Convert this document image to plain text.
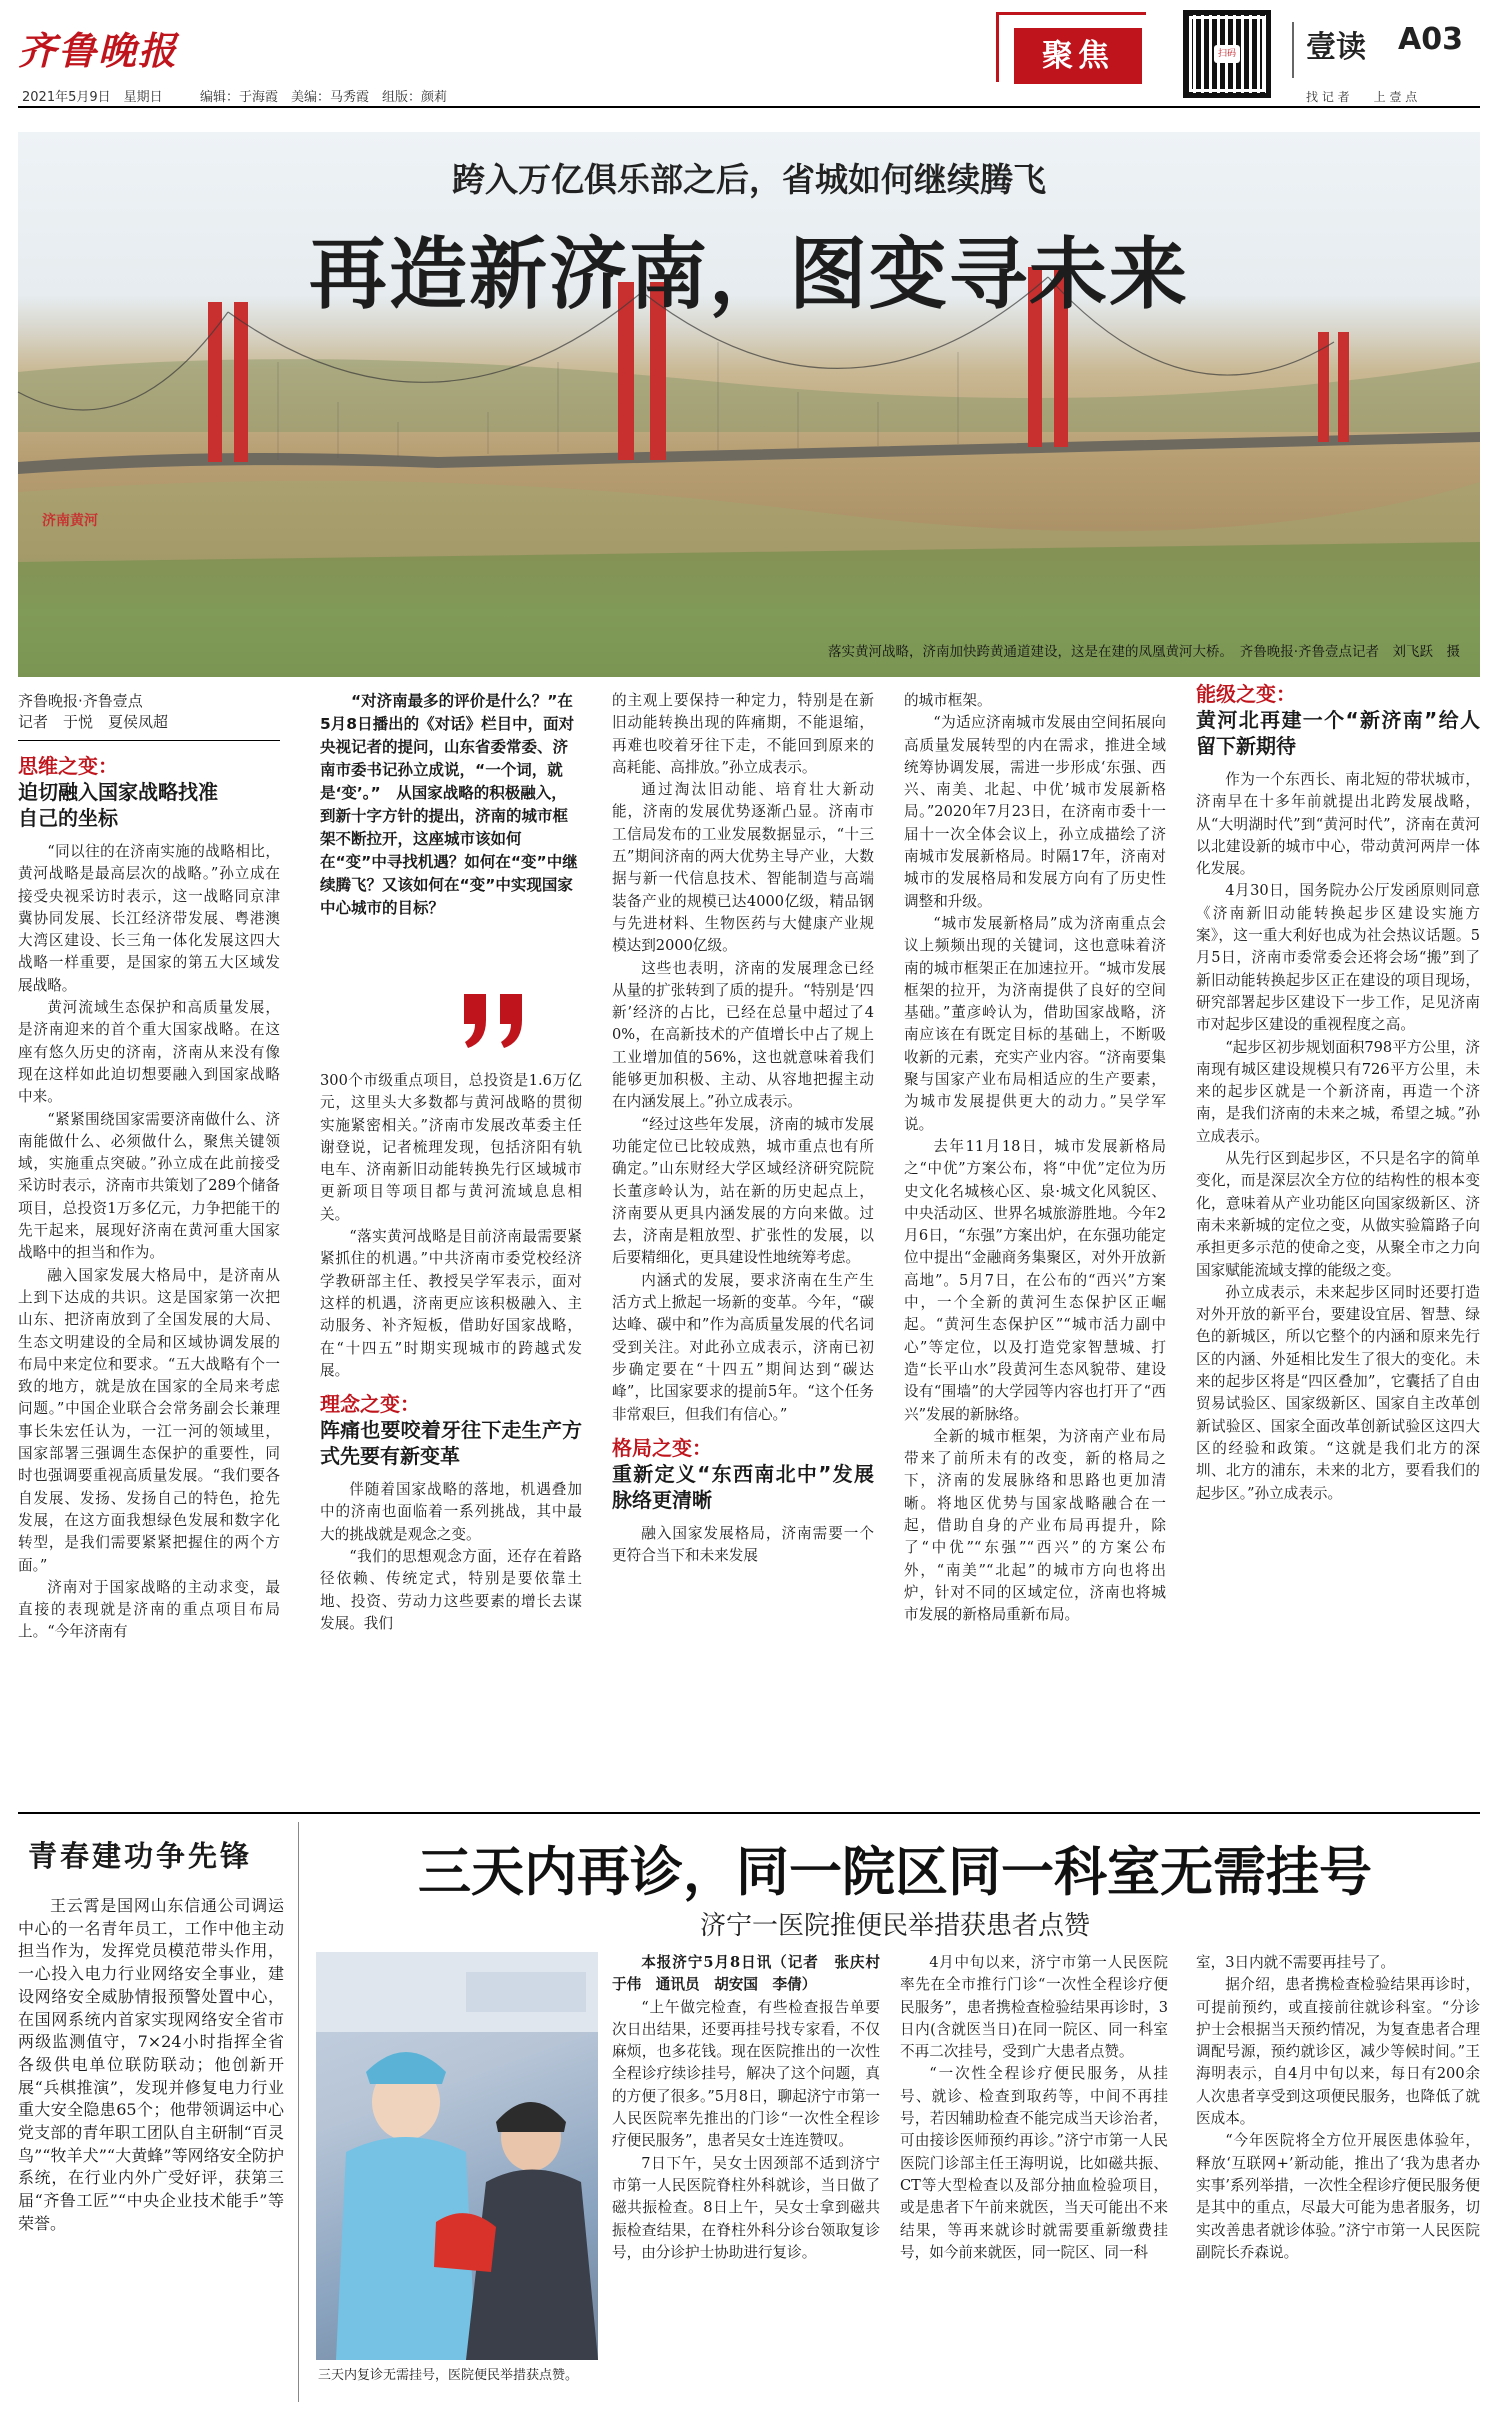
齐鲁晚报
2021年5月9日　星期日	编辑：于海霞　美编：马秀霞　组版：颜莉
聚焦	扫码 壹读 A03
找 记 者　　上 壹 点
跨入万亿俱乐部之后，省城如何继续腾飞
再造新济南，图变寻未来
济南黄河
落实黄河战略，济南加快跨黄通道建设，这是在建的凤凰黄河大桥。　齐鲁晚报·齐鲁壹点记者　刘飞跃　摄
齐鲁晚报·齐鲁壹点
记者　于悦　夏侯凤超
思维之变：
迫切融入国家战略找准自己的坐标

“同以往的在济南实施的战略相比，黄河战略是最高层次的战略。”孙立成在接受央视采访时表示，这一战略同京津冀协同发展、长江经济带发展、粤港澳大湾区建设、长三角一体化发展这四大战略一样重要，是国家的第五大区域发展战略。

黄河流域生态保护和高质量发展，是济南迎来的首个重大国家战略。在这座有悠久历史的济南，济南从来没有像现在这样如此迫切想要融入到国家战略中来。

“紧紧围绕国家需要济南做什么、济南能做什么、必须做什么，聚焦关键领域，实施重点突破。”孙立成在此前接受采访时表示，济南市共策划了289个储备项目，总投资1万多亿元，力争把能干的先干起来，展现好济南在黄河重大国家战略中的担当和作为。

融入国家发展大格局中，是济南从上到下达成的共识。这是国家第一次把山东、把济南放到了全国发展的大局、生态文明建设的全局和区域协调发展的布局中来定位和要求。“五大战略有个一致的地方，就是放在国家的全局来考虑问题。”中国企业联合会常务副会长兼理事长朱宏任认为，一江一河的领域里，国家部署三强调生态保护的重要性，同时也强调要重视高质量发展。“我们要各自发展、发扬、发扬自己的特色，抢先发展，在这方面我想绿色发展和数字化转型，是我们需要紧紧把握住的两个方面。”

济南对于国家战略的主动求变，最直接的表现就是济南的重点项目布局上。“今年济南有

“对济南最多的评价是什么？”在5月8日播出的《对话》栏目中，面对央视记者的提问，山东省委常委、济南市委书记孙立成说，“一个词，就是‘变’。”　从国家战略的积极融入，到新十字方针的提出，济南的城市框架不断拉开，这座城市该如何在“变”中寻找机遇？如何在“变”中继续腾飞？又该如何在“变”中实现国家中心城市的目标？

300个市级重点项目，总投资是1.6万亿元，这里头大多数都与黄河战略的贯彻实施紧密相关。”济南市发展改革委主任谢登说，记者梳理发现，包括济阳有轨电车、济南新旧动能转换先行区域城市更新项目等项目都与黄河流域息息相关。

“落实黄河战略是目前济南最需要紧紧抓住的机遇。”中共济南市委党校经济学教研部主任、教授吴学军表示，面对这样的机遇，济南更应该积极融入、主动服务、补齐短板，借助好国家战略，在“十四五”时期实现城市的跨越式发展。

理念之变：
阵痛也要咬着牙往下走生产方式先要有新变革

伴随着国家战略的落地，机遇叠加中的济南也面临着一系列挑战，其中最大的挑战就是观念之变。

“我们的思想观念方面，还存在着路径依赖、传统定式，特别是要依靠土地、投资、劳动力这些要素的增长去谋发展。我们

的主观上要保持一种定力，特别是在新旧动能转换出现的阵痛期，不能退缩，再难也咬着牙往下走，不能回到原来的高耗能、高排放。”孙立成表示。

通过淘汰旧动能、培育壮大新动能，济南的发展优势逐渐凸显。济南市工信局发布的工业发展数据显示，“十三五”期间济南的两大优势主导产业，大数据与新一代信息技术、智能制造与高端装备产业的规模已达4000亿级，精品钢与先进材料、生物医药与大健康产业规模达到2000亿级。

这些也表明，济南的发展理念已经从量的扩张转到了质的提升。“特别是‘四新’经济的占比，已经在总量中超过了40%，在高新技术的产值增长中占了规上工业增加值的56%，这也就意味着我们能够更加积极、主动、从容地把握主动在内涵发展上。”孙立成表示。

“经过这些年发展，济南的城市发展功能定位已比较成熟，城市重点也有所确定。”山东财经大学区域经济研究院院长董彦岭认为，站在新的历史起点上，济南要从更具内涵发展的方向来做。过去，济南是粗放型、扩张性的发展，以后要精细化，更具建设性地统筹考虑。

内涵式的发展，要求济南在生产生活方式上掀起一场新的变革。今年，“碳达峰、碳中和”作为高质量发展的代名词受到关注。对此孙立成表示，济南已初步确定要在“十四五”期间达到“碳达峰”，比国家要求的提前5年。“这个任务非常艰巨，但我们有信心。”

格局之变：
重新定义“东西南北中”发展脉络更清晰

融入国家发展格局，济南需要一个更符合当下和未来发展

的城市框架。

“为适应济南城市发展由空间拓展向高质量发展转型的内在需求，推进全域统筹协调发展，需进一步形成‘东强、西兴、南美、北起、中优’城市发展新格局。”2020年7月23日，在济南市委十一届十一次全体会议上，孙立成描绘了济南城市发展新格局。时隔17年，济南对城市的发展格局和发展方向有了历史性调整和升级。

“城市发展新格局”成为济南重点会议上频频出现的关键词，这也意味着济南的城市框架正在加速拉开。“城市发展框架的拉开，为济南提供了良好的空间基础。”董彦岭认为，借助国家战略，济南应该在有既定目标的基础上，不断吸收新的元素，充实产业内容。“济南要集聚与国家产业布局相适应的生产要素，为城市发展提供更大的动力。”吴学军说。

去年11月18日，城市发展新格局之“中优”方案公布，将“中优”定位为历史文化名城核心区、泉·城文化风貌区、中央活动区、世界名城旅游胜地。今年2月6日，“东强”方案出炉，在东强功能定位中提出“金融商务集聚区，对外开放新高地”。5月7日，在公布的“西兴”方案中，一个全新的黄河生态保护区正崛起。“黄河生态保护区”“城市活力副中心”等定位，以及打造党家智慧城、打造“长平山水”段黄河生态风貌带、建设设有“围墙”的大学园等内容也打开了“西兴”发展的新脉络。

全新的城市框架，为济南产业布局带来了前所未有的改变，新的格局之下，济南的发展脉络和思路也更加清晰。将地区优势与国家战略融合在一起，借助自身的产业布局再提升，除了“中优”“东强”“西兴”的方案公布外，“南美”“北起”的城市方向也将出炉，针对不同的区域定位，济南也将城市发展的新格局重新布局。

能级之变：
黄河北再建一个“新济南”给人留下新期待

作为一个东西长、南北短的带状城市，济南早在十多年前就提出北跨发展战略，从“大明湖时代”到“黄河时代”，济南在黄河以北建设新的城市中心，带动黄河两岸一体化发展。

4月30日，国务院办公厅发函原则同意《济南新旧动能转换起步区建设实施方案》，这一重大利好也成为社会热议话题。5月5日，济南市委常委会还将会场“搬”到了新旧动能转换起步区正在建设的项目现场，研究部署起步区建设下一步工作，足见济南市对起步区建设的重视程度之高。

“起步区初步规划面积798平方公里，济南现有城区建设规模只有726平方公里，未来的起步区就是一个新济南，再造一个济南，是我们济南的未来之城，希望之城。”孙立成表示。

从先行区到起步区，不只是名字的简单变化，而是深层次全方位的结构性的根本变化，意味着从产业功能区向国家级新区、济南未来新城的定位之变，从做实验篇路子向承担更多示范的使命之变，从聚全市之力向国家赋能流域支撑的能级之变。

孙立成表示，未来起步区同时还要打造对外开放的新平台，要建设宜居、智慧、绿色的新城区，所以它整个的内涵和原来先行区的内涵、外延相比发生了很大的变化。未来的起步区将是“四区叠加”，它囊括了自由贸易试验区、国家级新区、国家自主改革创新试验区、国家全面改革创新试验区这四大区的经验和政策。“这就是我们北方的深圳、北方的浦东，未来的北方，要看我们的起步区。”孙立成表示。

青春建功争先锋

王云霄是国网山东信通公司调运中心的一名青年员工，工作中他主动担当作为，发挥党员模范带头作用，一心投入电力行业网络安全事业，建设网络安全威胁情报预警处置中心，在国网系统内首家实现网络安全省市两级监测值守，7×24小时指挥全省各级供电单位联防联动；他创新开展“兵棋推演”，发现并修复电力行业重大安全隐患65个；他带领调运中心党支部的青年职工团队自主研制“百灵鸟”“牧羊犬”“大黄蜂”等网络安全防护系统，在行业内外广受好评，获第三届“齐鲁工匠”“中央企业技术能手”等荣誉。

三天内再诊，同一院区同一科室无需挂号
济宁一医院推便民举措获患者点赞
三天内复诊无需挂号，医院便民举措获点赞。

本报济宁5月8日讯（记者　张庆村　于伟　通讯员　胡安国　李倩）

“上午做完检查，有些检查报告单要次日出结果，还要再挂号找专家看，不仅麻烦，也多花钱。现在医院推出的一次性全程诊疗续诊挂号，解决了这个问题，真的方便了很多。”5月8日，聊起济宁市第一人民医院率先推出的门诊“一次性全程诊疗便民服务”，患者吴女士连连赞叹。

7日下午，吴女士因颈部不适到济宁市第一人民医院脊柱外科就诊，当日做了磁共振检查。8日上午，吴女士拿到磁共振检查结果，在脊柱外科分诊台领取复诊号，由分诊护士协助进行复诊。

4月中旬以来，济宁市第一人民医院率先在全市推行门诊“一次性全程诊疗便民服务”，患者携检查检验结果再诊时，3日内(含就医当日)在同一院区、同一科室不再二次挂号，受到广大患者点赞。

“一次性全程诊疗便民服务，从挂号、就诊、检查到取药等，中间不再挂号，若因辅助检查不能完成当天诊治者，可由接诊医师预约再诊。”济宁市第一人民医院门诊部主任王海明说，比如磁共振、CT等大型检查以及部分抽血检验项目，或是患者下午前来就医，当天可能出不来结果，等再来就诊时就需要重新缴费挂号，如今前来就医，同一院区、同一科

室，3日内就不需要再挂号了。

据介绍，患者携检查检验结果再诊时，可提前预约，或直接前往就诊科室。“分诊护士会根据当天预约情况，为复查患者合理调配号源，预约就诊区，减少等候时间。”王海明表示，自4月中旬以来，每日有200余人次患者享受到这项便民服务，也降低了就医成本。

“今年医院将全方位开展医患体验年，释放‘互联网+’新动能，推出了‘我为患者办实事’系列举措，一次性全程诊疗便民服务便是其中的重点，尽最大可能为患者服务，切实改善患者就诊体验。”济宁市第一人民医院副院长乔森说。
